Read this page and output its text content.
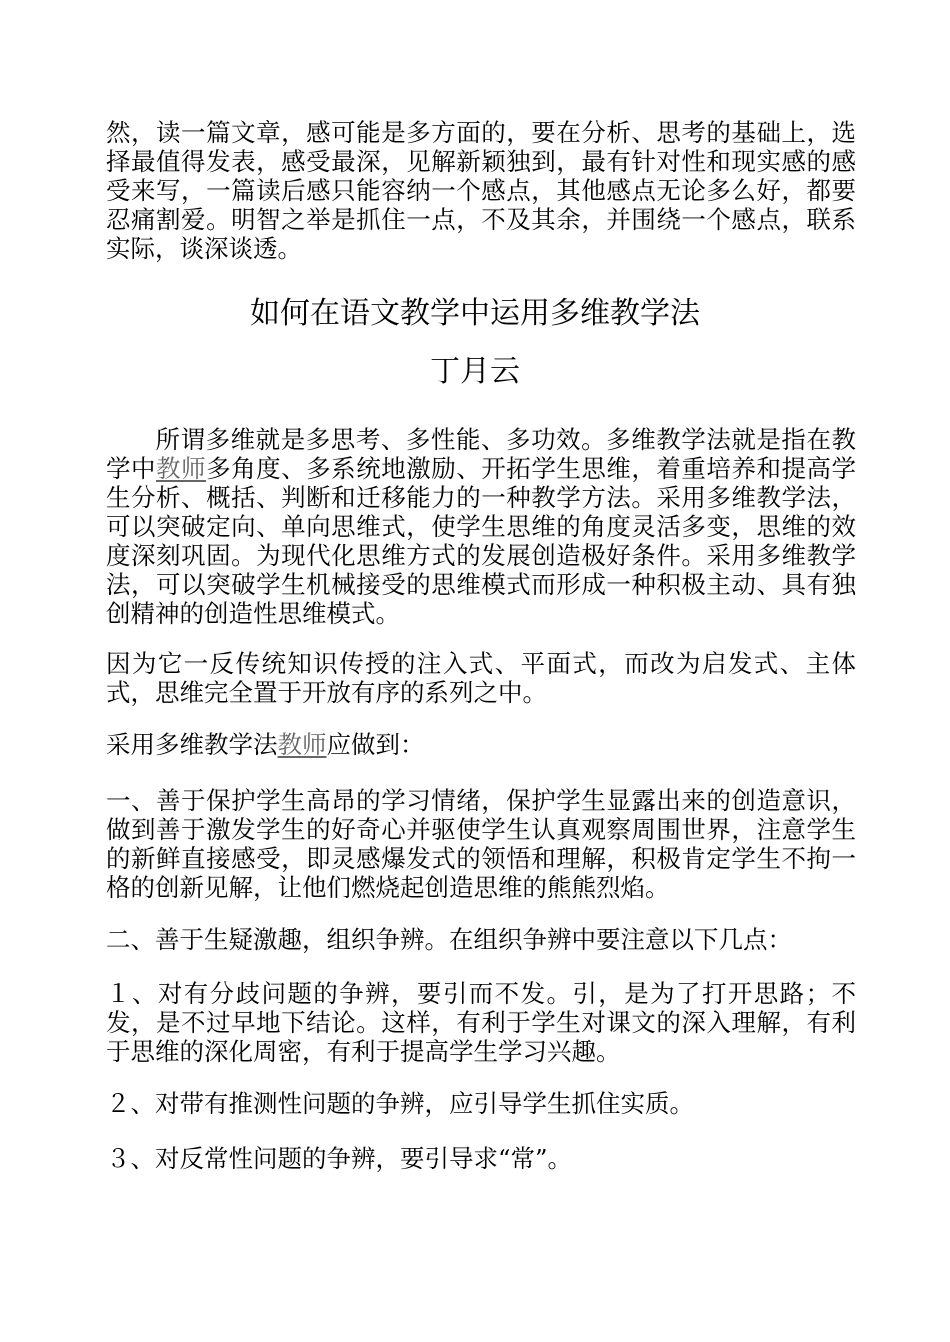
然，读一篇文章，感可能是多方面的，要在分析、思考的基础上，选择最值得发表，感受最深，见解新颖独到，最有针对性和现实感的感受来写，一篇读后感只能容纳一个感点，其他感点无论多么好，都要忍痛割爱。明智之举是抓住一点，不及其余，并围绕一个感点，联系实际，谈深谈透。

如何在语文教学中运用多维教学法
丁月云

所谓多维就是多思考、多性能、多功效。多维教学法就是指在教学中教师多角度、多系统地激励、开拓学生思维，着重培养和提高学生分析、概括、判断和迁移能力的一种教学方法。采用多维教学法，可以突破定向、单向思维式，使学生思维的角度灵活多变，思维的效度深刻巩固。为现代化思维方式的发展创造极好条件。采用多维教学法，可以突破学生机械接受的思维模式而形成一种积极主动、具有独创精神的创造性思维模式。

因为它一反传统知识传授的注入式、平面式，而改为启发式、主体式，思维完全置于开放有序的系列之中。

采用多维教学法教师应做到：

一、善于保护学生高昂的学习情绪，保护学生显露出来的创造意识，做到善于激发学生的好奇心并驱使学生认真观察周围世界，注意学生的新鲜直接感受，即灵感爆发式的领悟和理解，积极肯定学生不拘一格的创新见解，让他们燃烧起创造思维的熊熊烈焰。

二、善于生疑激趣，组织争辨。在组织争辨中要注意以下几点：

１、对有分歧问题的争辨，要引而不发。引，是为了打开思路；不发，是不过早地下结论。这样，有利于学生对课文的深入理解，有利于思维的深化周密，有利于提高学生学习兴趣。

２、对带有推测性问题的争辨，应引导学生抓住实质。

３、对反常性问题的争辨，要引导求“常”。
